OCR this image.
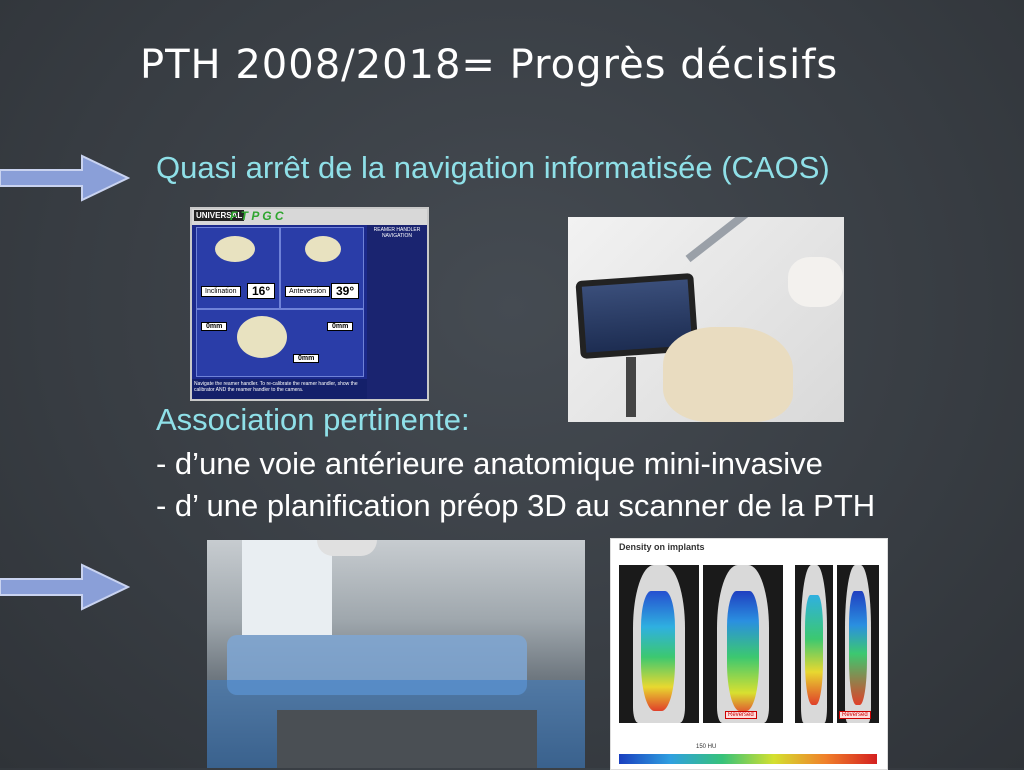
PTH 2008/2018= Progrès décisifs
Quasi arrêt de la navigation informatisée (CAOS)
UNIVERSAL
F T P G C
REAMER HANDLER NAVIGATION
Inclination	16°	Anteversion 39°
0mm	0mm
0mm
Navigate the reamer handler. To re-calibrate the reamer handler, show the calibrator AND the reamer handler to the camera.
Association pertinente:
- d’une voie antérieure anatomique mini-invasive
- d’ une planification préop 3D au scanner de la PTH
Density on implants
Reversed	Reversed
150 HU
